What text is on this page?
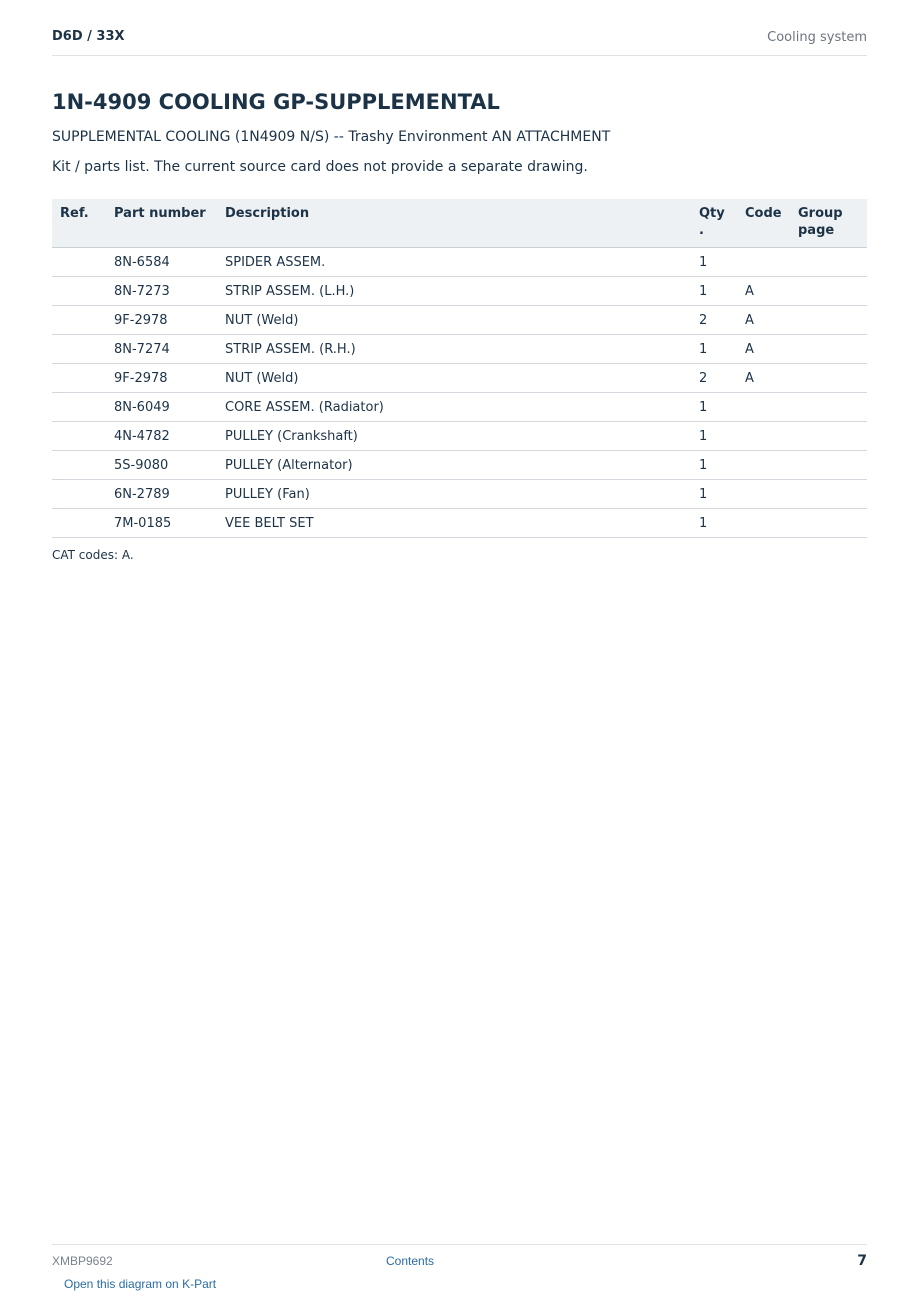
D6D / 33X	Cooling system
1N-4909 COOLING GP-SUPPLEMENTAL
SUPPLEMENTAL COOLING (1N4909 N/S) -- Trashy Environment AN ATTACHMENT
Kit / parts list. The current source card does not provide a separate drawing.
Ref.	Part number	Description	Qty .	Code	Group page
	8N-6584	SPIDER ASSEM.	1		
	8N-7273	STRIP ASSEM. (L.H.)	1	A	
	9F-2978	NUT (Weld)	2	A	
	8N-7274	STRIP ASSEM. (R.H.)	1	A	
	9F-2978	NUT (Weld)	2	A	
	8N-6049	CORE ASSEM. (Radiator)	1		
	4N-4782	PULLEY (Crankshaft)	1		
	5S-9080	PULLEY (Alternator)	1		
	6N-2789	PULLEY (Fan)	1		
	7M-0185	VEE BELT SET	1		
CAT codes: A.
XMBP9692	Contents	7
Open this diagram on K-Part
